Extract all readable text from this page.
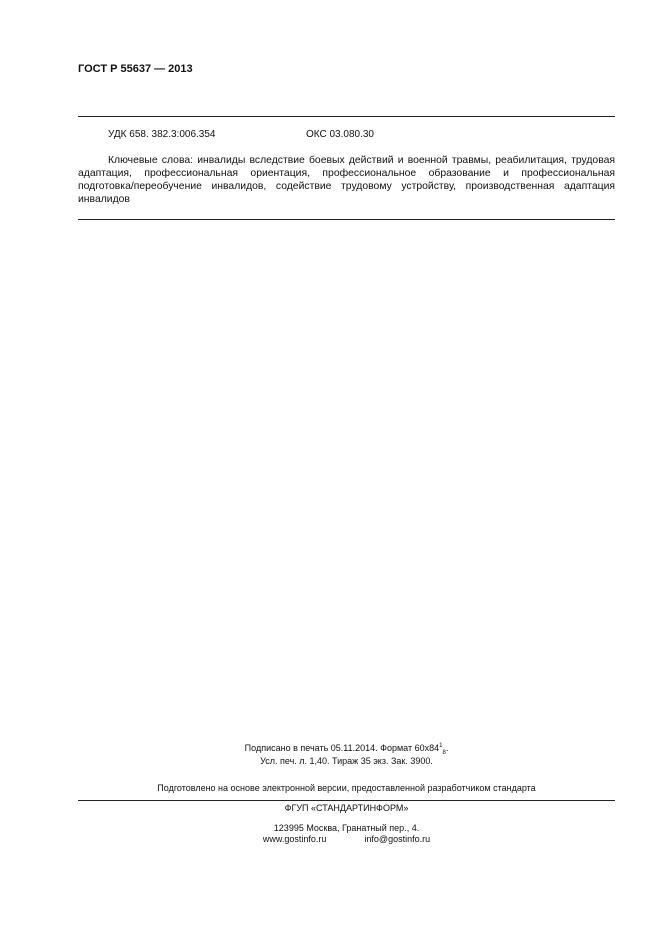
ГОСТ Р 55637 — 2013
УДК 658. 382.3:006.354	ОКС 03.080.30
Ключевые слова: инвалиды вследствие боевых действий и военной травмы, реабилитация, трудовая адаптация, профессиональная ориентация, профессиональное образование и профессиональная подготовка/переобучение инвалидов, содействие трудовому устройству, производственная адаптация инвалидов
Подписано в печать 05.11.2014. Формат $60x84^1_8$.
Усл. печ. л. 1,40. Тираж 35 экз. Зак. 3900.
Подготовлено на основе электронной версии, предоставленной разработчиком стандарта
ФГУП «СТАНДАРТИНФОРМ»
123995 Москва, Гранатный пер., 4.
www.gostinfo.ru	info@gostinfo.ru
